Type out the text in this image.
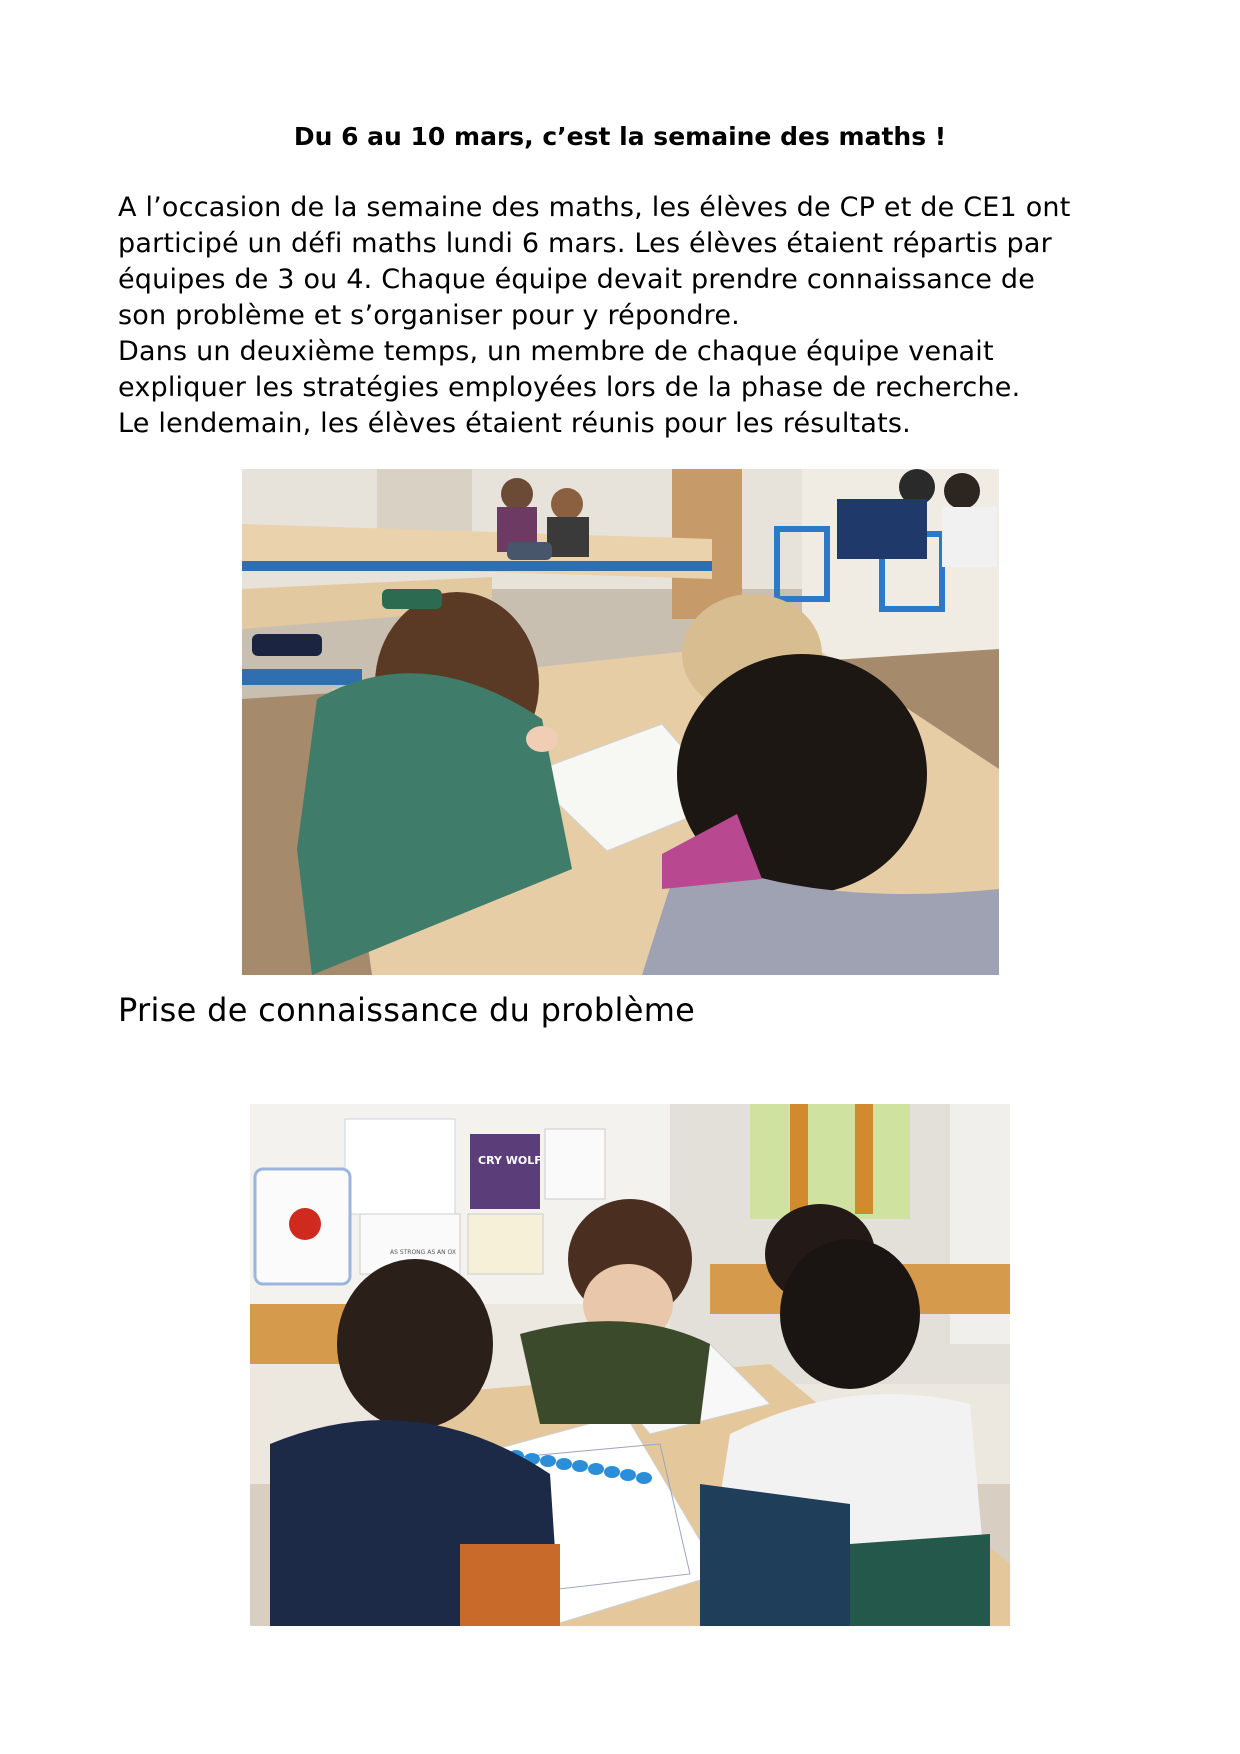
Du 6 au 10 mars, c’est la semaine des maths !

A l’occasion de la semaine des maths, les élèves de CP et de CE1 ont

participé un défi maths lundi 6 mars. Les élèves étaient répartis par

équipes de 3 ou 4. Chaque équipe devait prendre connaissance de

son problème et s’organiser pour y répondre.

Dans un deuxième temps, un membre de chaque équipe venait

expliquer les stratégies employées lors de la phase de recherche.

Le lendemain, les élèves étaient réunis pour les résultats.

Prise de connaissance du problème
CRY WOLF
AS STRONG AS AN OX
